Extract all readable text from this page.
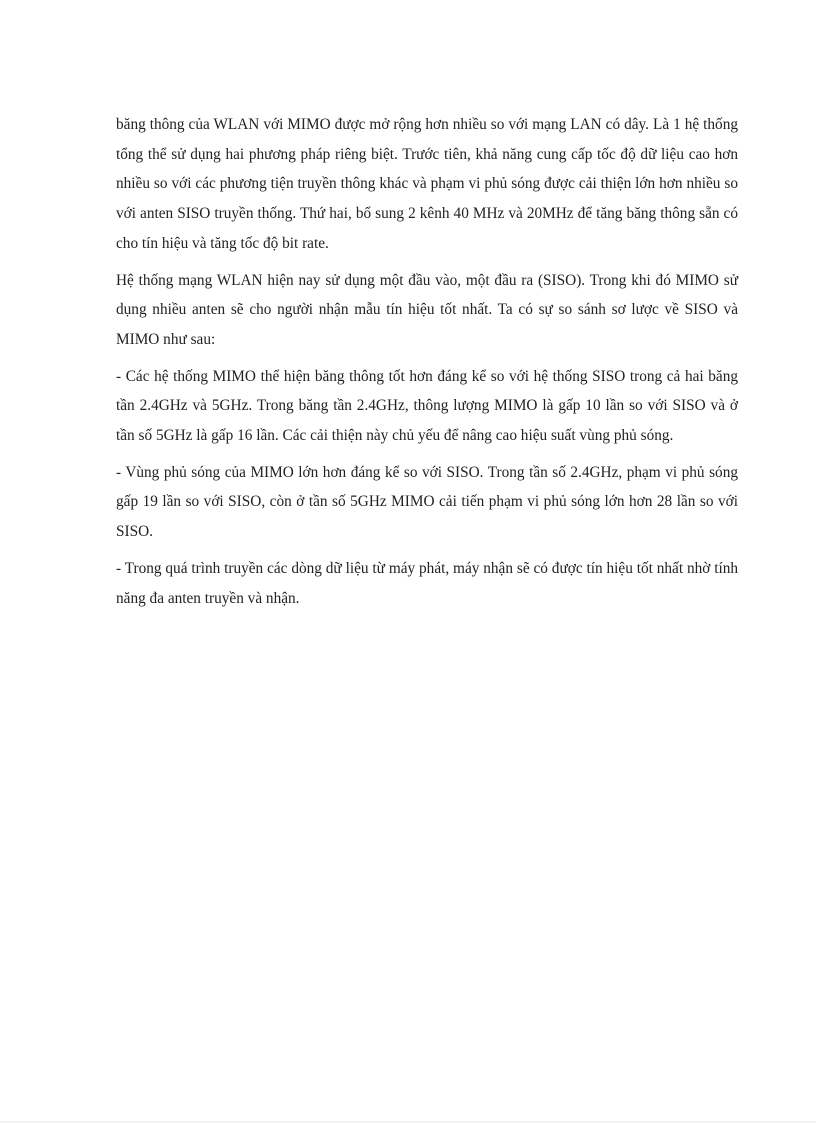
băng thông của WLAN với MIMO được mở rộng hơn nhiều so với mạng LAN có dây. Là 1 hệ thống tổng thể sử dụng hai phương pháp riêng biệt. Trước tiên, khả năng cung cấp tốc độ dữ liệu cao hơn nhiều so với các phương tiện truyền thông khác và phạm vi phủ sóng được cải thiện lớn hơn nhiều so với anten SISO truyền thống. Thứ hai, bổ sung 2 kênh 40 MHz và 20MHz để tăng băng thông sẵn có cho tín hiệu và tăng tốc độ bit rate.

Hệ thống mạng WLAN hiện nay sử dụng một đầu vào, một đầu ra (SISO). Trong khi đó MIMO sử dụng nhiều anten sẽ cho người nhận mẫu tín hiệu tốt nhất. Ta có sự so sánh sơ lược về SISO và MIMO như sau:

- Các hệ thống MIMO thể hiện băng thông tốt hơn đáng kể so với hệ thống SISO trong cả hai băng tần 2.4GHz và 5GHz. Trong băng tần 2.4GHz, thông lượng MIMO là gấp 10 lần so với SISO và ở tần số 5GHz là gấp 16 lần. Các cải thiện này chủ yếu để nâng cao hiệu suất vùng phủ sóng.

- Vùng phủ sóng của MIMO lớn hơn đáng kể so với SISO. Trong tần số 2.4GHz, phạm vi phủ sóng gấp 19 lần so với SISO, còn ở tần số 5GHz MIMO cải tiến phạm vi phủ sóng lớn hơn 28 lần so với SISO.

- Trong quá trình truyền các dòng dữ liệu từ máy phát, máy nhận sẽ có được tín hiệu tốt nhất nhờ tính năng đa anten truyền và nhận.
